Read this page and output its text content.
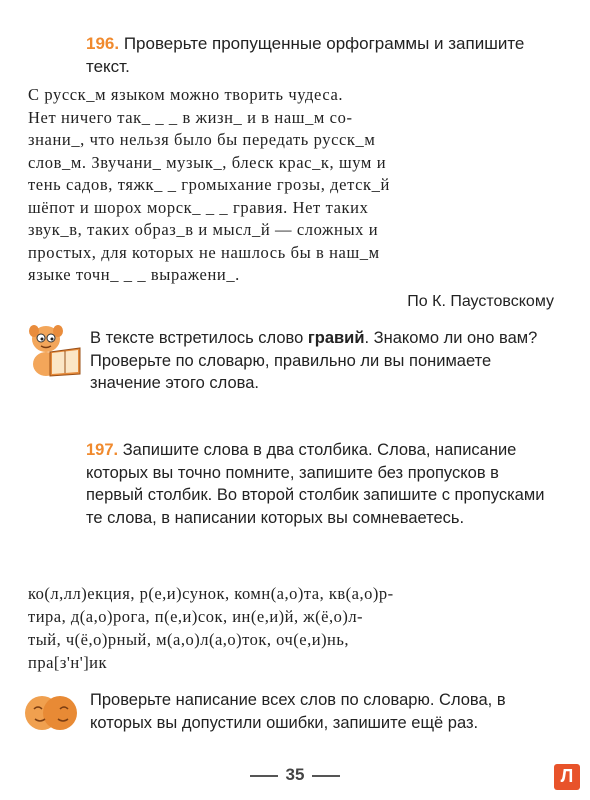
196. Проверьте пропущенные орфограммы и запишите текст.
С русск_м языком можно творить чудеса.
Нет ничего так_ _ _ в жизн_ и в наш_м со-
знани_, что нельзя было бы передать русск_м
слов_м. Звучани_ музык_, блеск крас_к, шум и
тень садов, тяжк_ _ громыхание грозы, детск_й
шёпот и шорох морск_ _ _ гравия. Нет таких
звук_в, таких образ_в и мысл_й — сложных и
простых, для которых не нашлось бы в наш_м
языке точн_ _ _ выражени_.
По К. Паустовскому
В тексте встретилось слово гравий. Знакомо ли оно вам? Проверьте по словарю, правильно ли вы понимаете значение этого слова.
197. Запишите слова в два столбика. Слова, написание которых вы точно помните, запишите без пропусков в первый столбик. Во второй столбик запишите с пропусками те слова, в написании которых вы сомневаетесь.
ко(л,лл)екция, р(е,и)сунок, комн(а,о)та, кв(а,о)р-
тира, д(а,о)рога, п(е,и)сок, ин(е,и)й, ж(ё,о)л-
тый, ч(ё,о)рный, м(а,о)л(а,о)ток, оч(е,и)нь,
пра[з'н']ик
Проверьте написание всех слов по словарю. Слова, в которых вы допустили ошибки, запишите ещё раз.
35	Л
